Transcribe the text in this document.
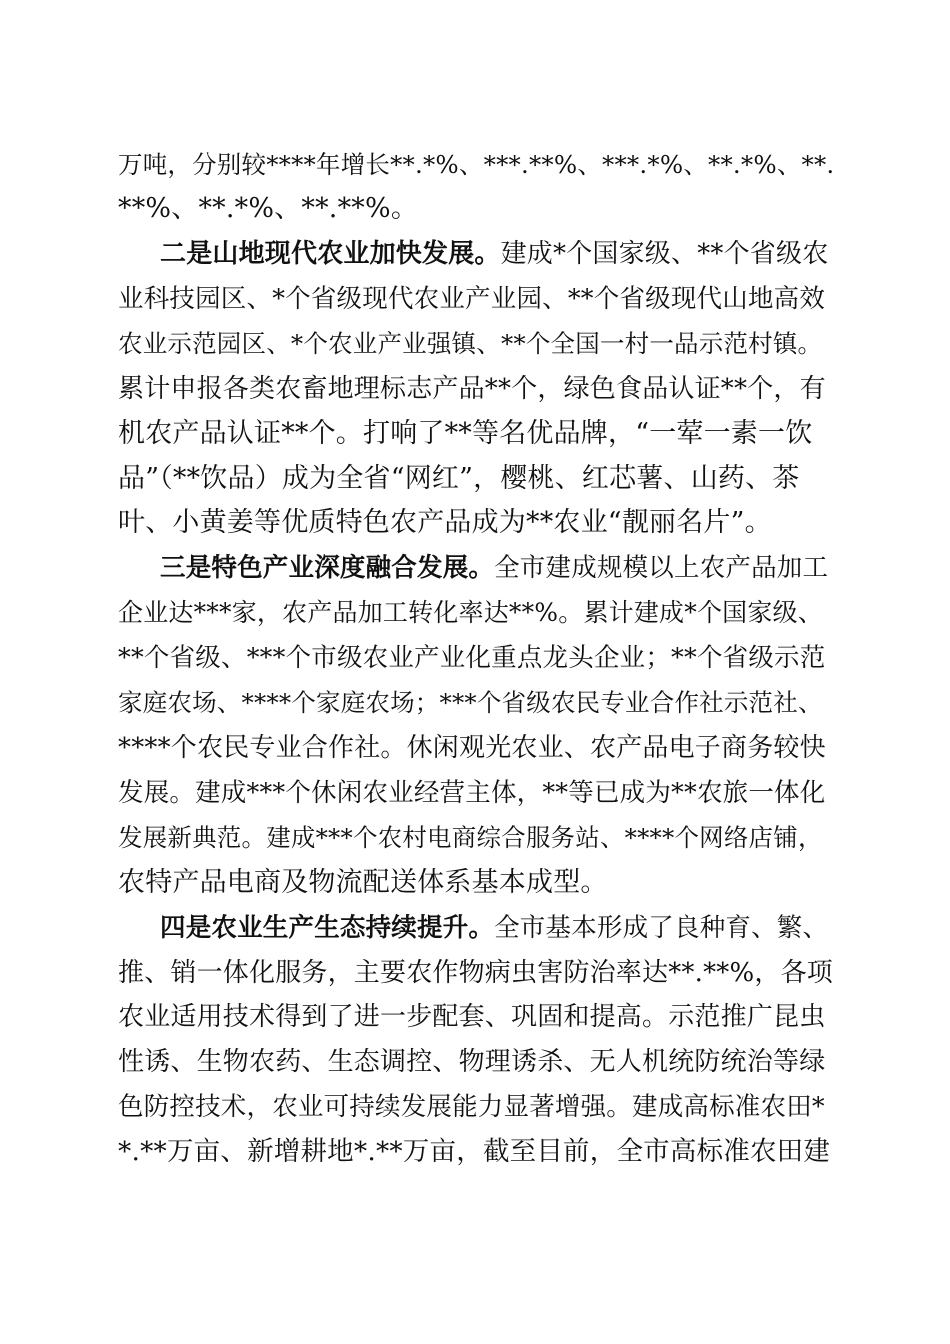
万吨，分别较****年增长**.*%、***.**%、***.*%、**.*%、**.
**%、**.*%、**.**%。
二是山地现代农业加快发展。建成*个国家级、**个省级农
业科技园区、*个省级现代农业产业园、**个省级现代山地高效
农业示范园区、*个农业产业强镇、**个全国一村一品示范村镇。
累计申报各类农畜地理标志产品**个，绿色食品认证**个，有
机农产品认证**个。打响了**等名优品牌，“一荤一素一饮
品”（**饮品）成为全省“网红”，樱桃、红芯薯、山药、茶
叶、小黄姜等优质特色农产品成为**农业“靓丽名片”。
三是特色产业深度融合发展。全市建成规模以上农产品加工
企业达***家，农产品加工转化率达**%。累计建成*个国家级、
**个省级、***个市级农业产业化重点龙头企业；**个省级示范
家庭农场、****个家庭农场；***个省级农民专业合作社示范社、
****个农民专业合作社。休闲观光农业、农产品电子商务较快
发展。建成***个休闲农业经营主体，**等已成为**农旅一体化
发展新典范。建成***个农村电商综合服务站、****个网络店铺，
农特产品电商及物流配送体系基本成型。
四是农业生产生态持续提升。全市基本形成了良种育、繁、
推、销一体化服务，主要农作物病虫害防治率达**.**%，各项
农业适用技术得到了进一步配套、巩固和提高。示范推广昆虫
性诱、生物农药、生态调控、物理诱杀、无人机统防统治等绿
色防控技术，农业可持续发展能力显著增强。建成高标准农田*
*.**万亩、新增耕地*.**万亩，截至目前，全市高标准农田建
